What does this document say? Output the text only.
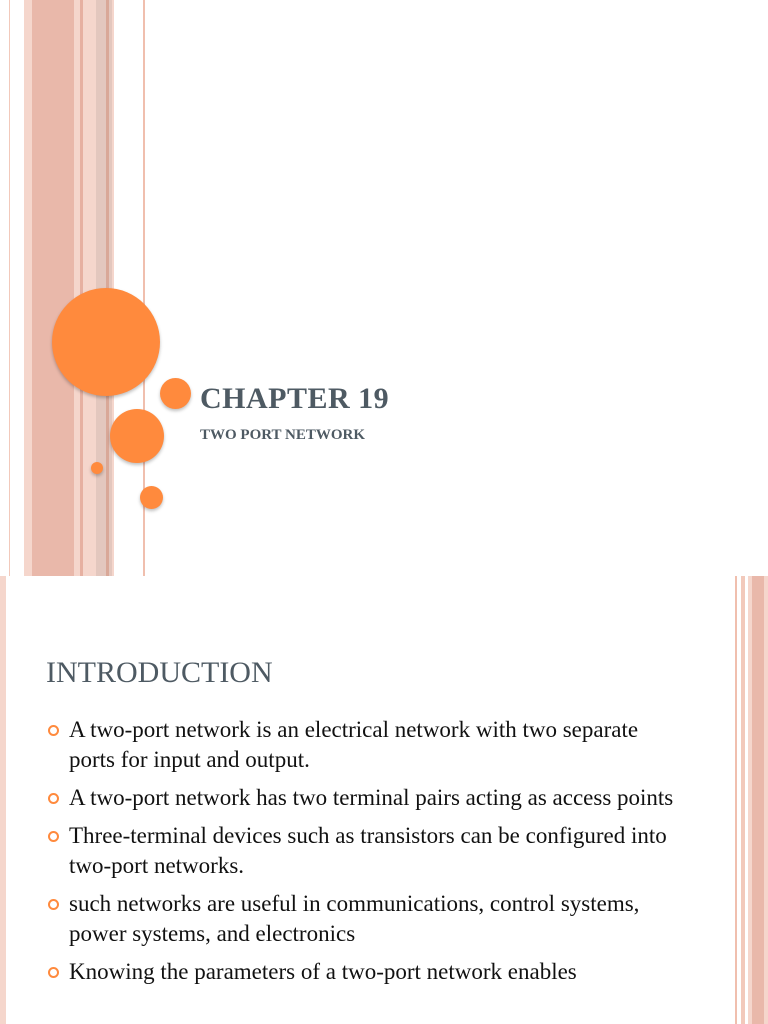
CHAPTER 19

TWO PORT NETWORK

INTRODUCTION
A two-port network is an electrical network with two separate ports for input and output.
A two-port network has two terminal pairs acting as access points
Three-terminal devices such as transistors can be configured into two-port networks.
such networks are useful in communications, control systems, power systems, and electronics
Knowing the parameters of a two-port network enables
